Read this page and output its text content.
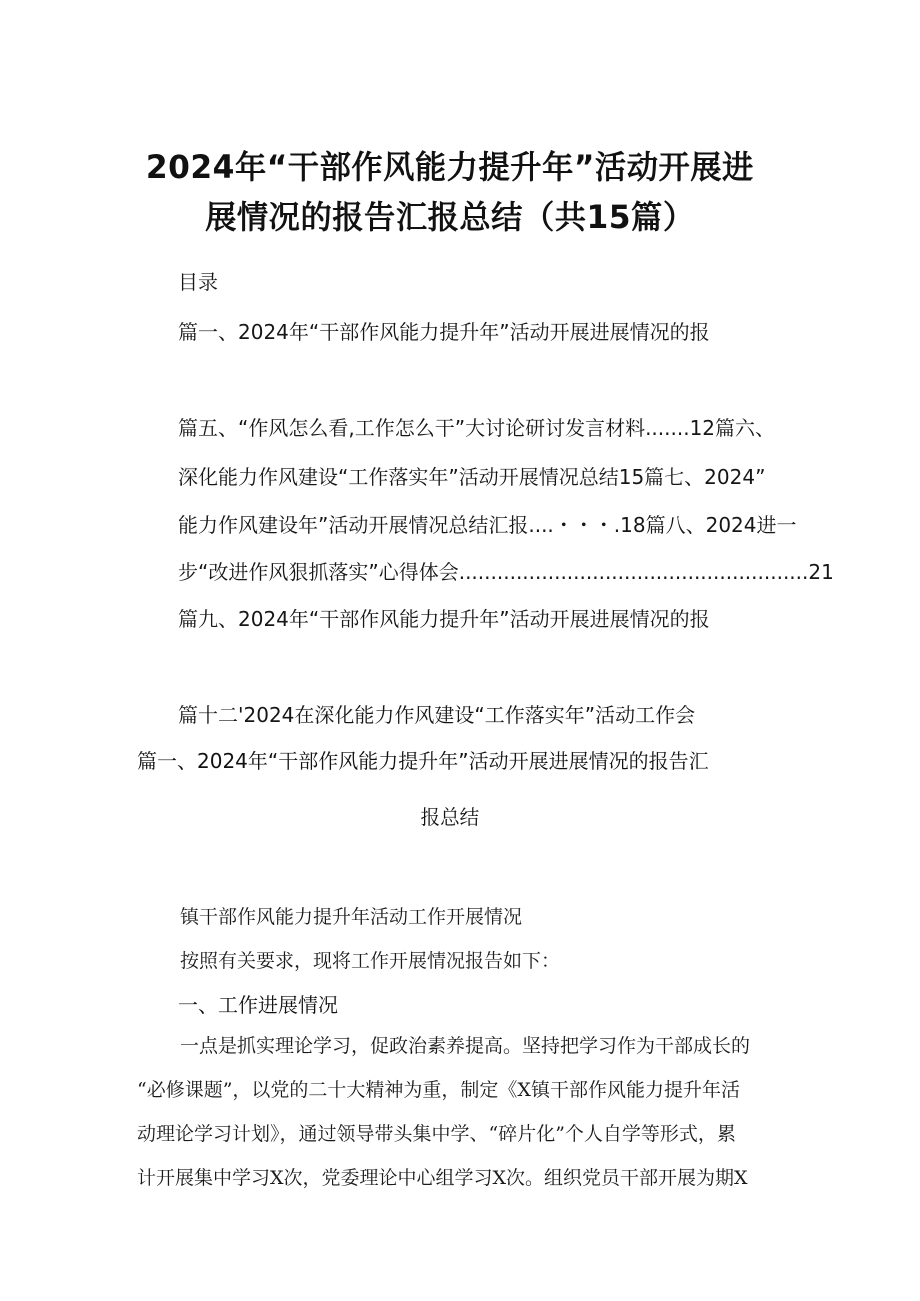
2024年“干部作风能力提升年”活动开展进
展情况的报告汇报总结（共15篇）
目录
篇一、2024年“干部作风能力提升年”活动开展进展情况的报
篇五、“作风怎么看,工作怎么干”大讨论研讨发言材料.......12篇六、
深化能力作风建设“工作落实年”活动开展情况总结15篇七、2024”
能力作风建设年”活动开展情况总结汇报....・・・.18篇八、2024进一
步“改进作风狠抓落实”心得体会.......................................................21
篇九、2024年“干部作风能力提升年”活动开展进展情况的报
篇十二'2024在深化能力作风建设“工作落实年”活动工作会
篇一、2024年“干部作风能力提升年”活动开展进展情况的报告汇
报总结
镇干部作风能力提升年活动工作开展情况
按照有关要求，现将工作开展情况报告如下：
一、工作进展情况
一点是抓实理论学习，促政治素养提高。坚持把学习作为干部成长的
“必修课题”，以党的二十大精神为重，制定《X镇干部作风能力提升年活
动理论学习计划》，通过领导带头集中学、“碎片化”个人自学等形式，累
计开展集中学习X次，党委理论中心组学习X次。组织党员干部开展为期X
